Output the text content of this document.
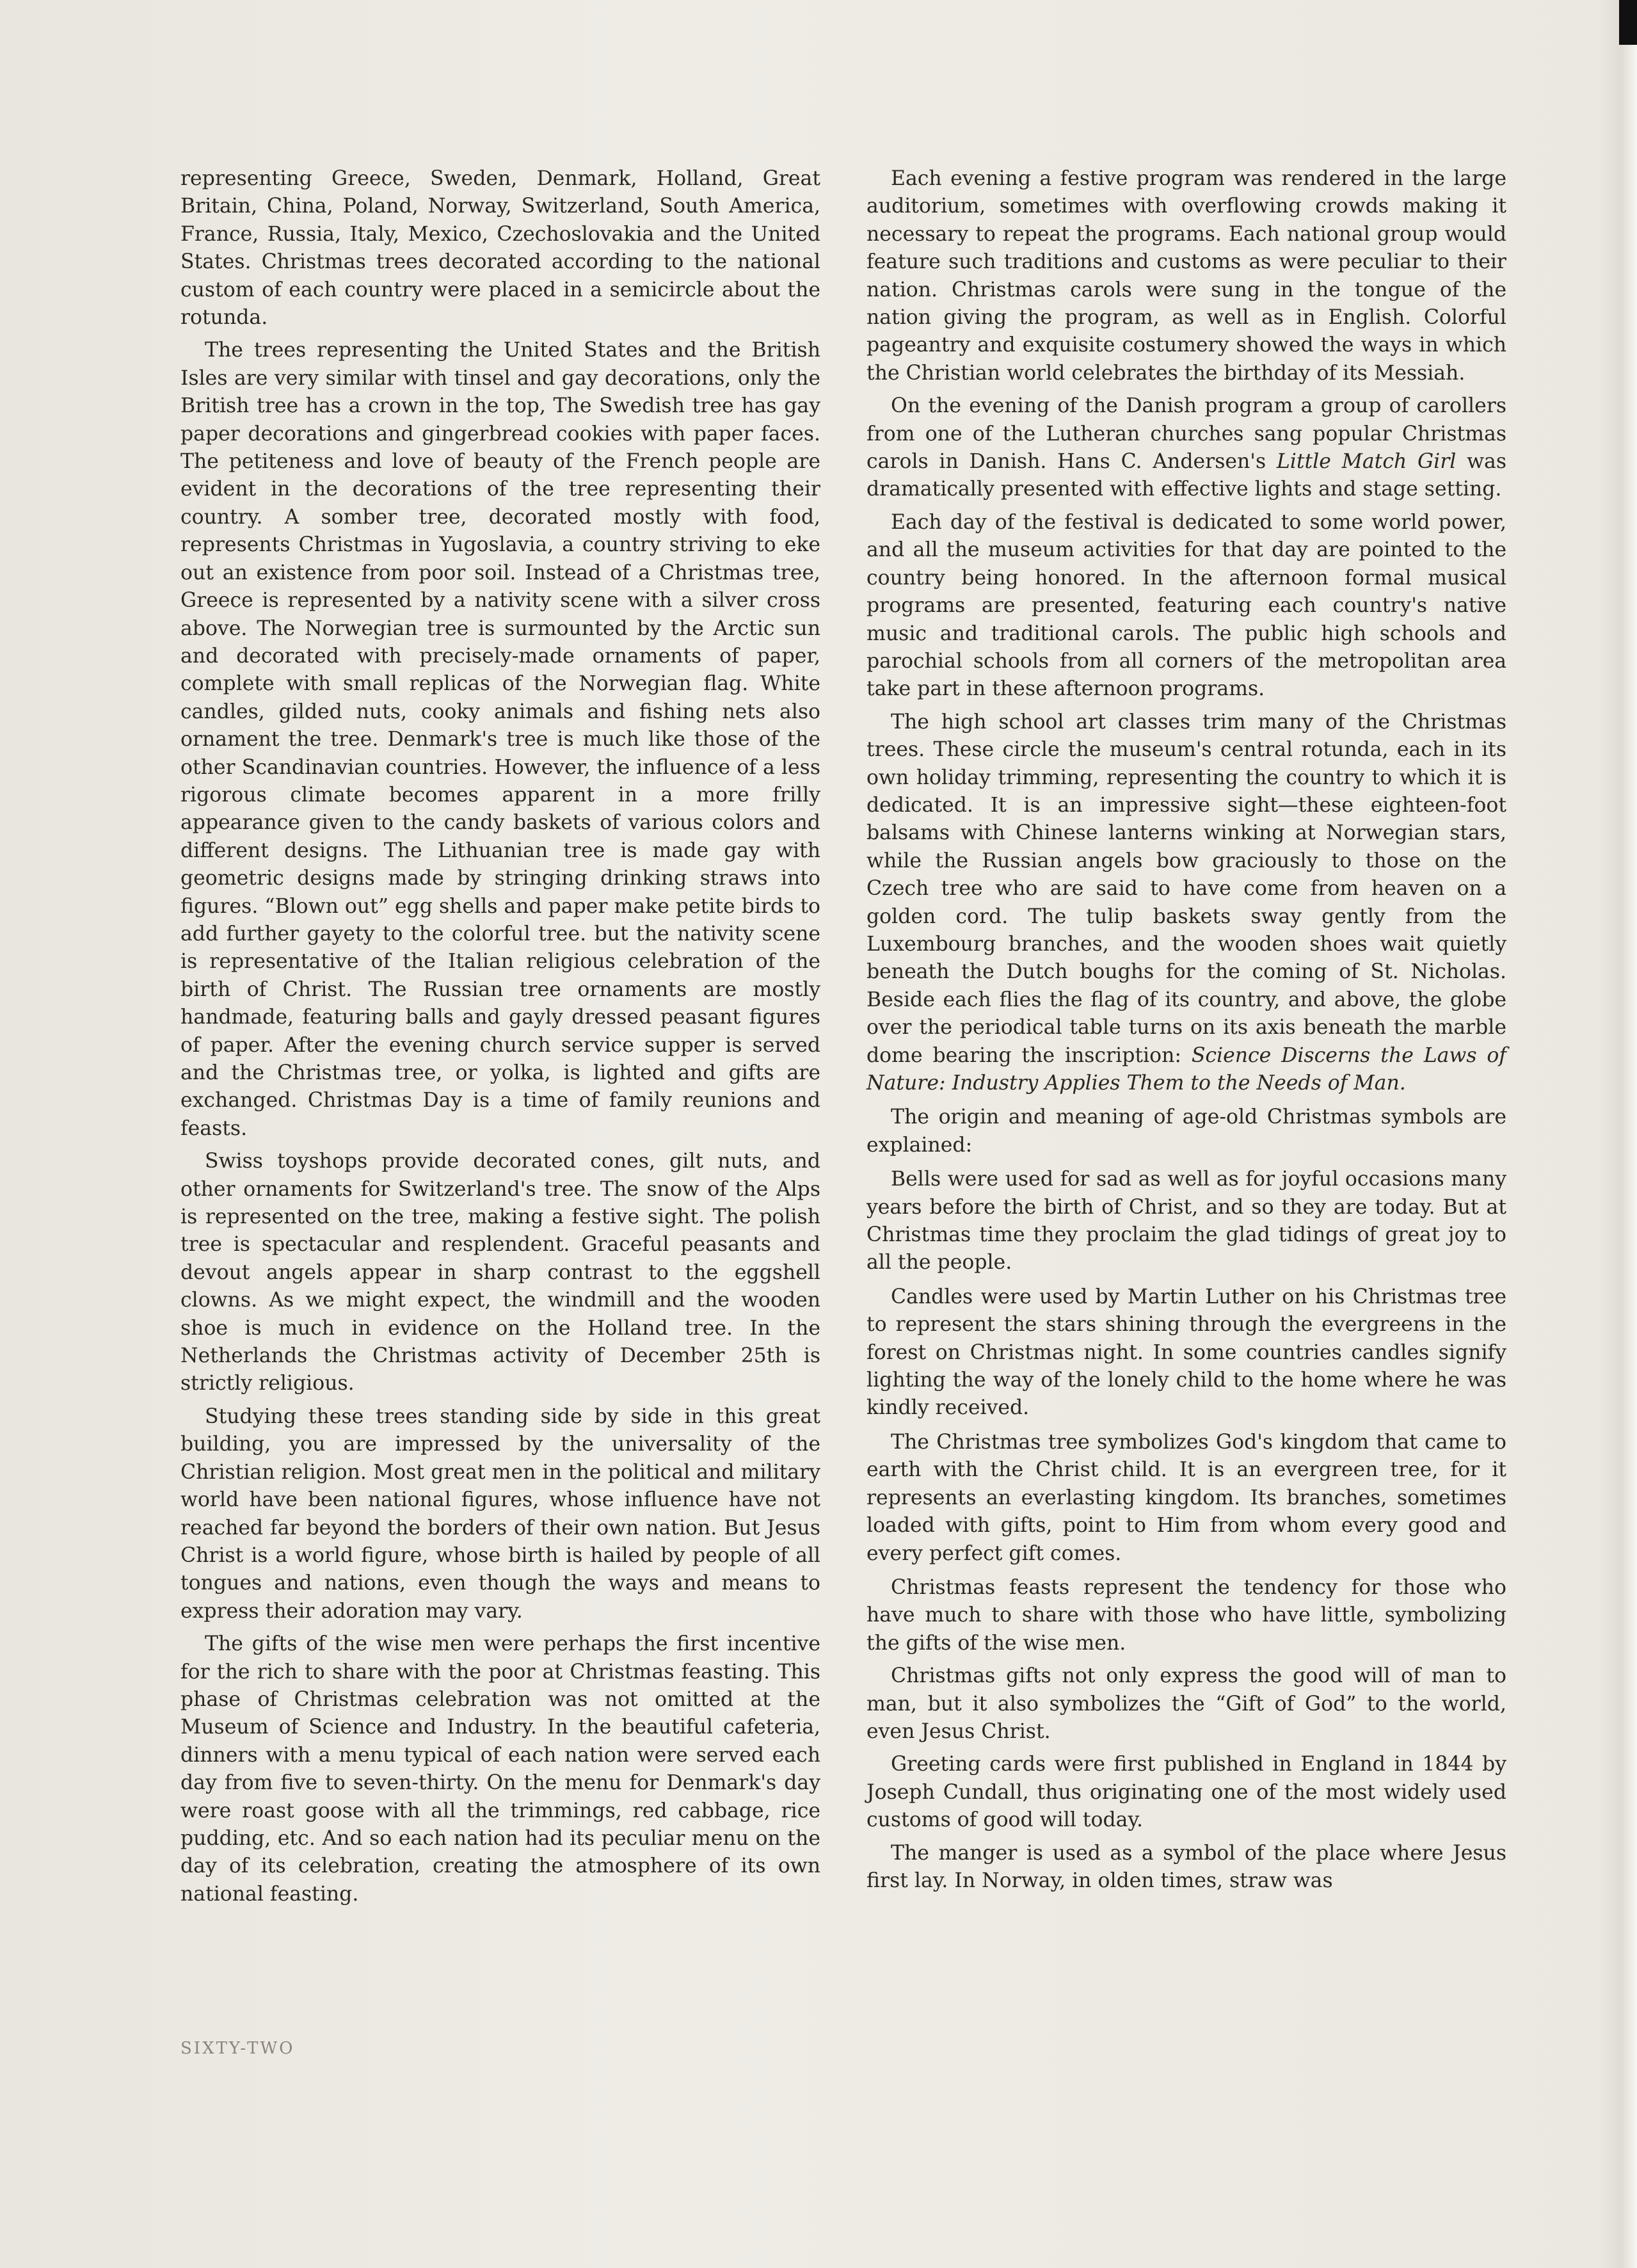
representing Greece, Sweden, Denmark, Holland, Great Britain, China, Poland, Norway, Switzerland, South America, France, Russia, Italy, Mexico, Czechoslovakia and the United States. Christmas trees decorated according to the national custom of each country were placed in a semicircle about the rotunda.

The trees representing the United States and the British Isles are very similar with tinsel and gay decorations, only the British tree has a crown in the top, The Swedish tree has gay paper decorations and gingerbread cookies with paper faces. The petiteness and love of beauty of the French people are evident in the decorations of the tree representing their country. A somber tree, decorated mostly with food, represents Christmas in Yugoslavia, a country striving to eke out an existence from poor soil. Instead of a Christmas tree, Greece is represented by a nativity scene with a silver cross above. The Norwegian tree is surmounted by the Arctic sun and decorated with precisely-made ornaments of paper, complete with small replicas of the Norwegian flag. White candles, gilded nuts, cooky animals and fishing nets also ornament the tree. Denmark's tree is much like those of the other Scandinavian countries. However, the influence of a less rigorous climate becomes apparent in a more frilly appearance given to the candy baskets of various colors and different designs. The Lithuanian tree is made gay with geometric designs made by stringing drinking straws into figures. “Blown out” egg shells and paper make petite birds to add further gayety to the colorful tree. but the nativity scene is representative of the Italian religious celebration of the birth of Christ. The Russian tree ornaments are mostly handmade, featuring balls and gayly dressed peasant figures of paper. After the evening church service supper is served and the Christmas tree, or yolka, is lighted and gifts are exchanged. Christmas Day is a time of family reunions and feasts.

Swiss toyshops provide decorated cones, gilt nuts, and other ornaments for Switzerland's tree. The snow of the Alps is represented on the tree, making a festive sight. The polish tree is spectacular and resplendent. Graceful peasants and devout angels appear in sharp contrast to the eggshell clowns. As we might expect, the windmill and the wooden shoe is much in evidence on the Holland tree. In the Netherlands the Christmas activity of December 25th is strictly religious.

Studying these trees standing side by side in this great building, you are impressed by the universality of the Christian religion. Most great men in the political and military world have been national figures, whose influence have not reached far beyond the borders of their own nation. But Jesus Christ is a world figure, whose birth is hailed by people of all tongues and nations, even though the ways and means to express their adoration may vary.

The gifts of the wise men were perhaps the first incentive for the rich to share with the poor at Christmas feasting. This phase of Christmas celebration was not omitted at the Museum of Science and Industry. In the beautiful cafeteria, dinners with a menu typical of each nation were served each day from five to seven-thirty. On the menu for Denmark's day were roast goose with all the trimmings, red cabbage, rice pudding, etc. And so each nation had its peculiar menu on the day of its celebration, creating the atmosphere of its own national feasting.

Each evening a festive program was rendered in the large auditorium, sometimes with overflowing crowds making it necessary to repeat the programs. Each national group would feature such traditions and customs as were peculiar to their nation. Christmas carols were sung in the tongue of the nation giving the program, as well as in English. Colorful pageantry and exquisite costumery showed the ways in which the Christian world celebrates the birthday of its Messiah.

On the evening of the Danish program a group of carollers from one of the Lutheran churches sang popular Christmas carols in Danish. Hans C. Andersen's Little Match Girl was dramatically presented with effective lights and stage setting.

Each day of the festival is dedicated to some world power, and all the museum activities for that day are pointed to the country being honored. In the afternoon formal musical programs are presented, featuring each country's native music and traditional carols. The public high schools and parochial schools from all corners of the metropolitan area take part in these afternoon programs.

The high school art classes trim many of the Christmas trees. These circle the museum's central rotunda, each in its own holiday trimming, representing the country to which it is dedicated. It is an impressive sight—these eighteen-foot balsams with Chinese lanterns winking at Norwegian stars, while the Russian angels bow graciously to those on the Czech tree who are said to have come from heaven on a golden cord. The tulip baskets sway gently from the Luxembourg branches, and the wooden shoes wait quietly beneath the Dutch boughs for the coming of St. Nicholas. Beside each flies the flag of its country, and above, the globe over the periodical table turns on its axis beneath the marble dome bearing the inscription: Science Discerns the Laws of Nature: Industry Applies Them to the Needs of Man.

The origin and meaning of age-old Christmas symbols are explained:

Bells were used for sad as well as for joyful occasions many years before the birth of Christ, and so they are today. But at Christmas time they proclaim the glad tidings of great joy to all the people.

Candles were used by Martin Luther on his Christmas tree to represent the stars shining through the evergreens in the forest on Christmas night. In some countries candles signify lighting the way of the lonely child to the home where he was kindly received.

The Christmas tree symbolizes God's kingdom that came to earth with the Christ child. It is an evergreen tree, for it represents an everlasting kingdom. Its branches, sometimes loaded with gifts, point to Him from whom every good and every perfect gift comes.

Christmas feasts represent the tendency for those who have much to share with those who have little, symbolizing the gifts of the wise men.

Christmas gifts not only express the good will of man to man, but it also symbolizes the “Gift of God” to the world, even Jesus Christ.

Greeting cards were first published in England in 1844 by Joseph Cundall, thus originating one of the most widely used customs of good will today.

The manger is used as a symbol of the place where Jesus first lay. In Norway, in olden times, straw was

SIXTY-TWO
